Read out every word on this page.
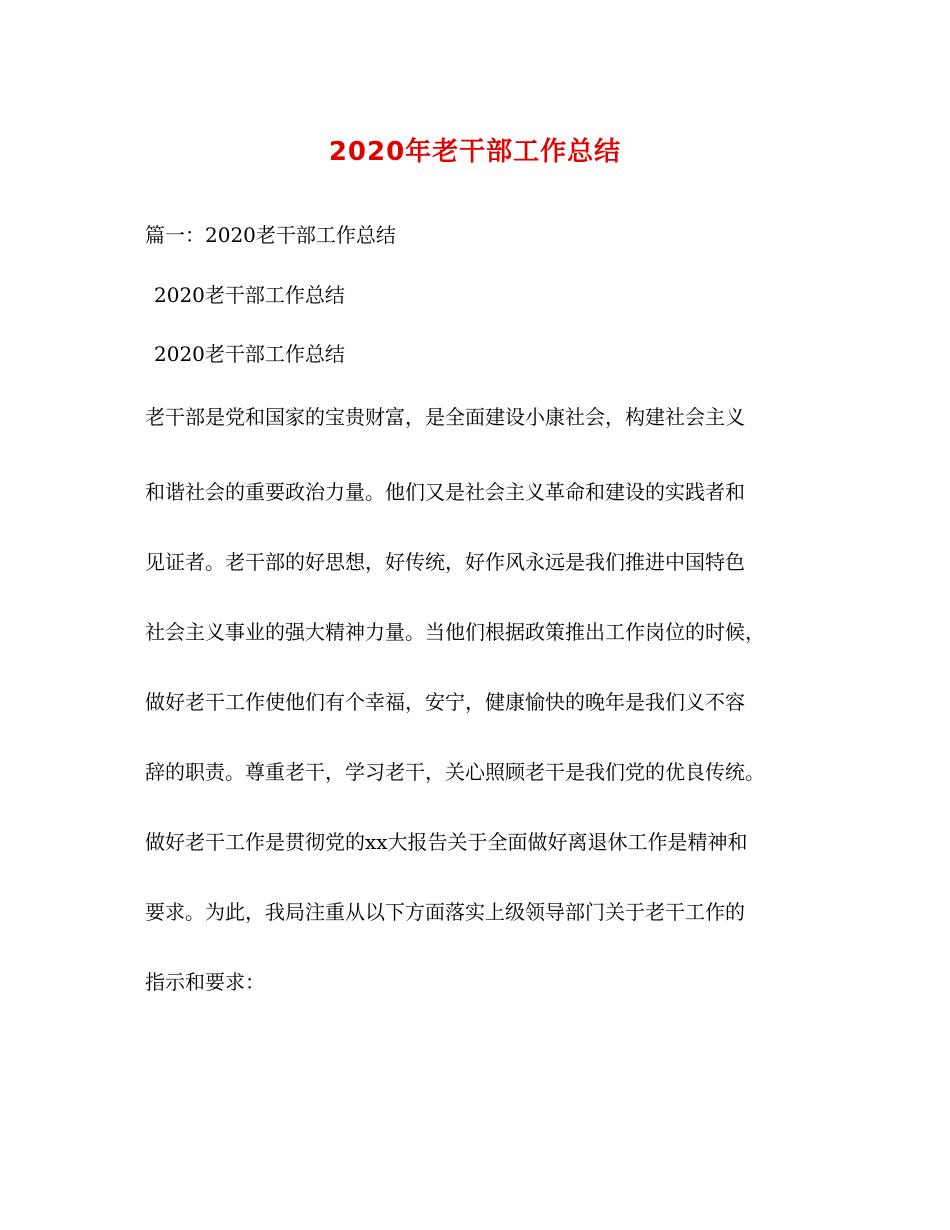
2020年老干部工作总结
篇一：2020老干部工作总结
2020老干部工作总结
2020老干部工作总结
老干部是党和国家的宝贵财富，是全面建设小康社会，构建社会主义
和谐社会的重要政治力量。他们又是社会主义革命和建设的实践者和
见证者。老干部的好思想，好传统，好作风永远是我们推进中国特色
社会主义事业的强大精神力量。当他们根据政策推出工作岗位的时候，
做好老干工作使他们有个幸福，安宁，健康愉快的晚年是我们义不容
辞的职责。尊重老干，学习老干，关心照顾老干是我们党的优良传统。
做好老干工作是贯彻党的xx大报告关于全面做好离退休工作是精神和
要求。为此，我局注重从以下方面落实上级领导部门关于老干工作的
指示和要求：
